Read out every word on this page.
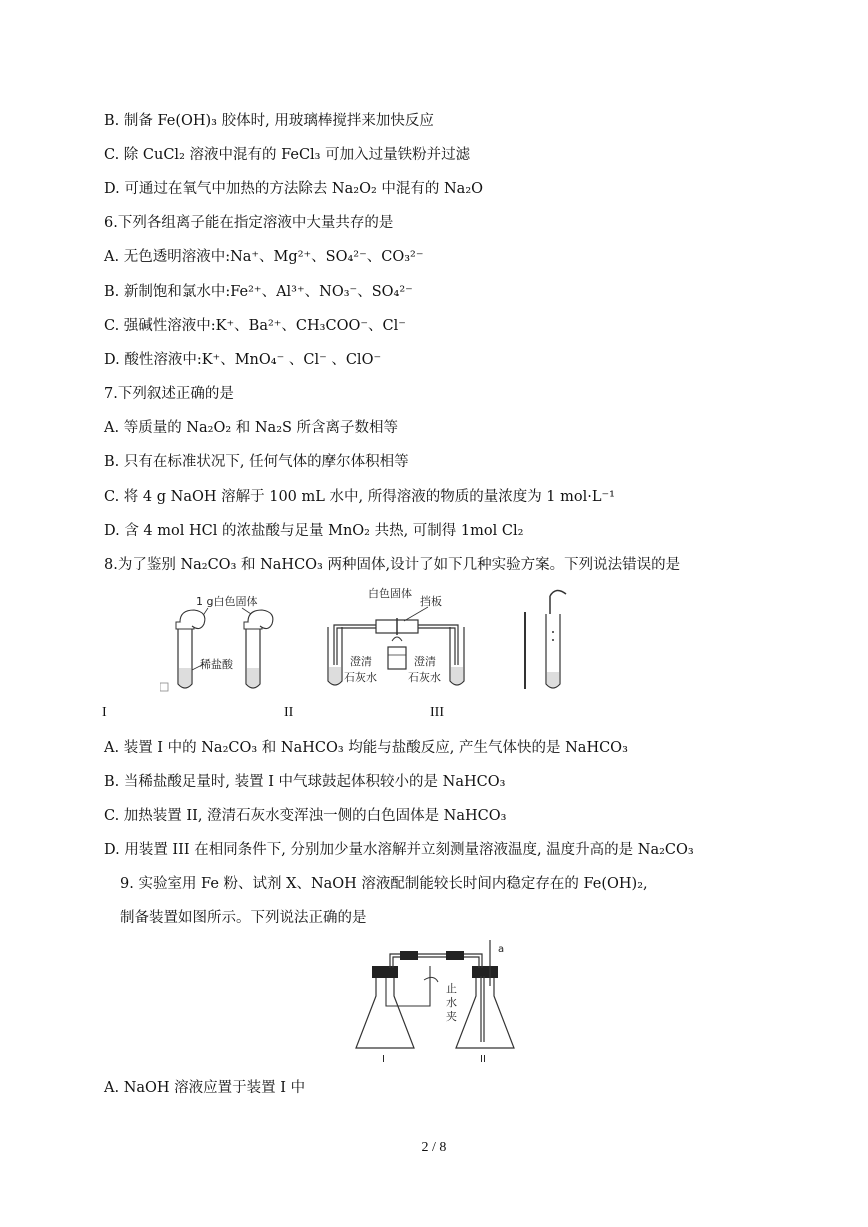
B. 制备 Fe(OH)₃ 胶体时, 用玻璃棒搅拌来加快反应
C. 除 CuCl₂ 溶液中混有的 FeCl₃ 可加入过量铁粉并过滤
D. 可通过在氧气中加热的方法除去 Na₂O₂ 中混有的 Na₂O
6.下列各组离子能在指定溶液中大量共存的是
A. 无色透明溶液中:Na⁺、Mg²⁺、SO₄²⁻、CO₃²⁻
B. 新制饱和氯水中:Fe²⁺、Al³⁺、NO₃⁻、SO₄²⁻
C. 强碱性溶液中:K⁺、Ba²⁺、CH₃COO⁻、Cl⁻
D. 酸性溶液中:K⁺、MnO₄⁻ 、Cl⁻ 、ClO⁻
7.下列叙述正确的是
A. 等质量的 Na₂O₂ 和 Na₂S 所含离子数相等
B. 只有在标准状况下, 任何气体的摩尔体积相等
C. 将 4 g NaOH 溶解于 100 mL 水中, 所得溶液的物质的量浓度为 1 mol·L⁻¹
D. 含 4 mol HCl 的浓盐酸与足量 MnO₂ 共热, 可制得 1mol Cl₂
8.为了鉴别 Na₂CO₃ 和 NaHCO₃ 两种固体,设计了如下几种实验方案。下列说法错误的是
1 g白色固体
稀盐酸
白色固体
挡板
澄清
石灰水
澄清
石灰水
I	II	III
A. 装置 I 中的 Na₂CO₃ 和 NaHCO₃ 均能与盐酸反应, 产生气体快的是 NaHCO₃
B. 当稀盐酸足量时, 装置 I 中气球鼓起体积较小的是 NaHCO₃
C. 加热装置 II, 澄清石灰水变浑浊一侧的白色固体是 NaHCO₃
D. 用装置 III 在相同条件下, 分别加少量水溶解并立刻测量溶液温度, 温度升高的是 Na₂CO₃
9. 实验室用 Fe 粉、试剂 X、NaOH 溶液配制能较长时间内稳定存在的 Fe(OH)₂,
制备装置如图所示。下列说法正确的是
a
止
水
夹
I	II
A. NaOH 溶液应置于装置 I 中
2 / 8
